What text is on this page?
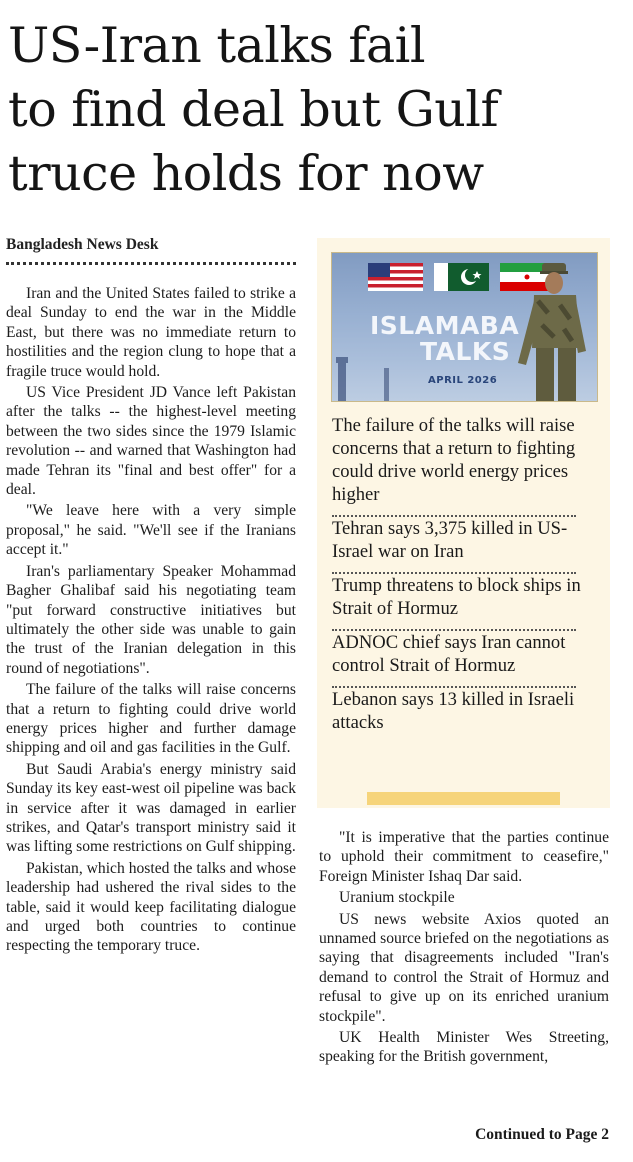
US-Iran talks fail
to find deal but Gulf
truce holds for now
Bangladesh News Desk

Iran and the United States failed to strike a deal Sunday to end the war in the Middle East, but there was no immediate return to hostilities and the region clung to hope that a fragile truce would hold.

US Vice President JD Vance left Pakistan after the talks -- the highest-level meeting between the two sides since the 1979 Islamic revolution -- and warned that Washington had made Tehran its "final and best offer" for a deal.

"We leave here with a very simple proposal," he said. "We'll see if the Iranians accept it."

Iran's parliamentary Speaker Mohammad Bagher Ghalibaf said his negotiating team "put forward constructive initiatives but ultimately the other side was unable to gain the trust of the Iranian delegation in this round of negotiations".

The failure of the talks will raise concerns that a return to fighting could drive world energy prices higher and further damage shipping and oil and gas facilities in the Gulf.

But Saudi Arabia's energy ministry said Sunday its key east-west oil pipeline was back in service after it was damaged in earlier strikes, and Qatar's transport ministry said it was lifting some restrictions on Gulf shipping.

Pakistan, which hosted the talks and whose leadership had ushered the rival sides to the table, said it would keep facilitating dialogue and urged both countries to continue respecting the temporary truce.

ISLAMABA
TALKS
APRIL 2026
The failure of the talks will raise concerns that a return to fighting could drive world energy prices higher
Tehran says 3,375 killed in US-Israel war on Iran
Trump threatens to block ships in Strait of Hormuz
ADNOC chief says Iran cannot control Strait of Hormuz
Lebanon says 13 killed in Israeli attacks

"It is imperative that the parties continue to uphold their commitment to ceasefire," Foreign Minister Ishaq Dar said.

Uranium stockpile

US news website Axios quoted an unnamed source briefed on the negotiations as saying that disagreements included "Iran's demand to control the Strait of Hormuz and refusal to give up on its enriched uranium stockpile".

UK Health Minister Wes Streeting, speaking for the British government,

Continued to Page 2
